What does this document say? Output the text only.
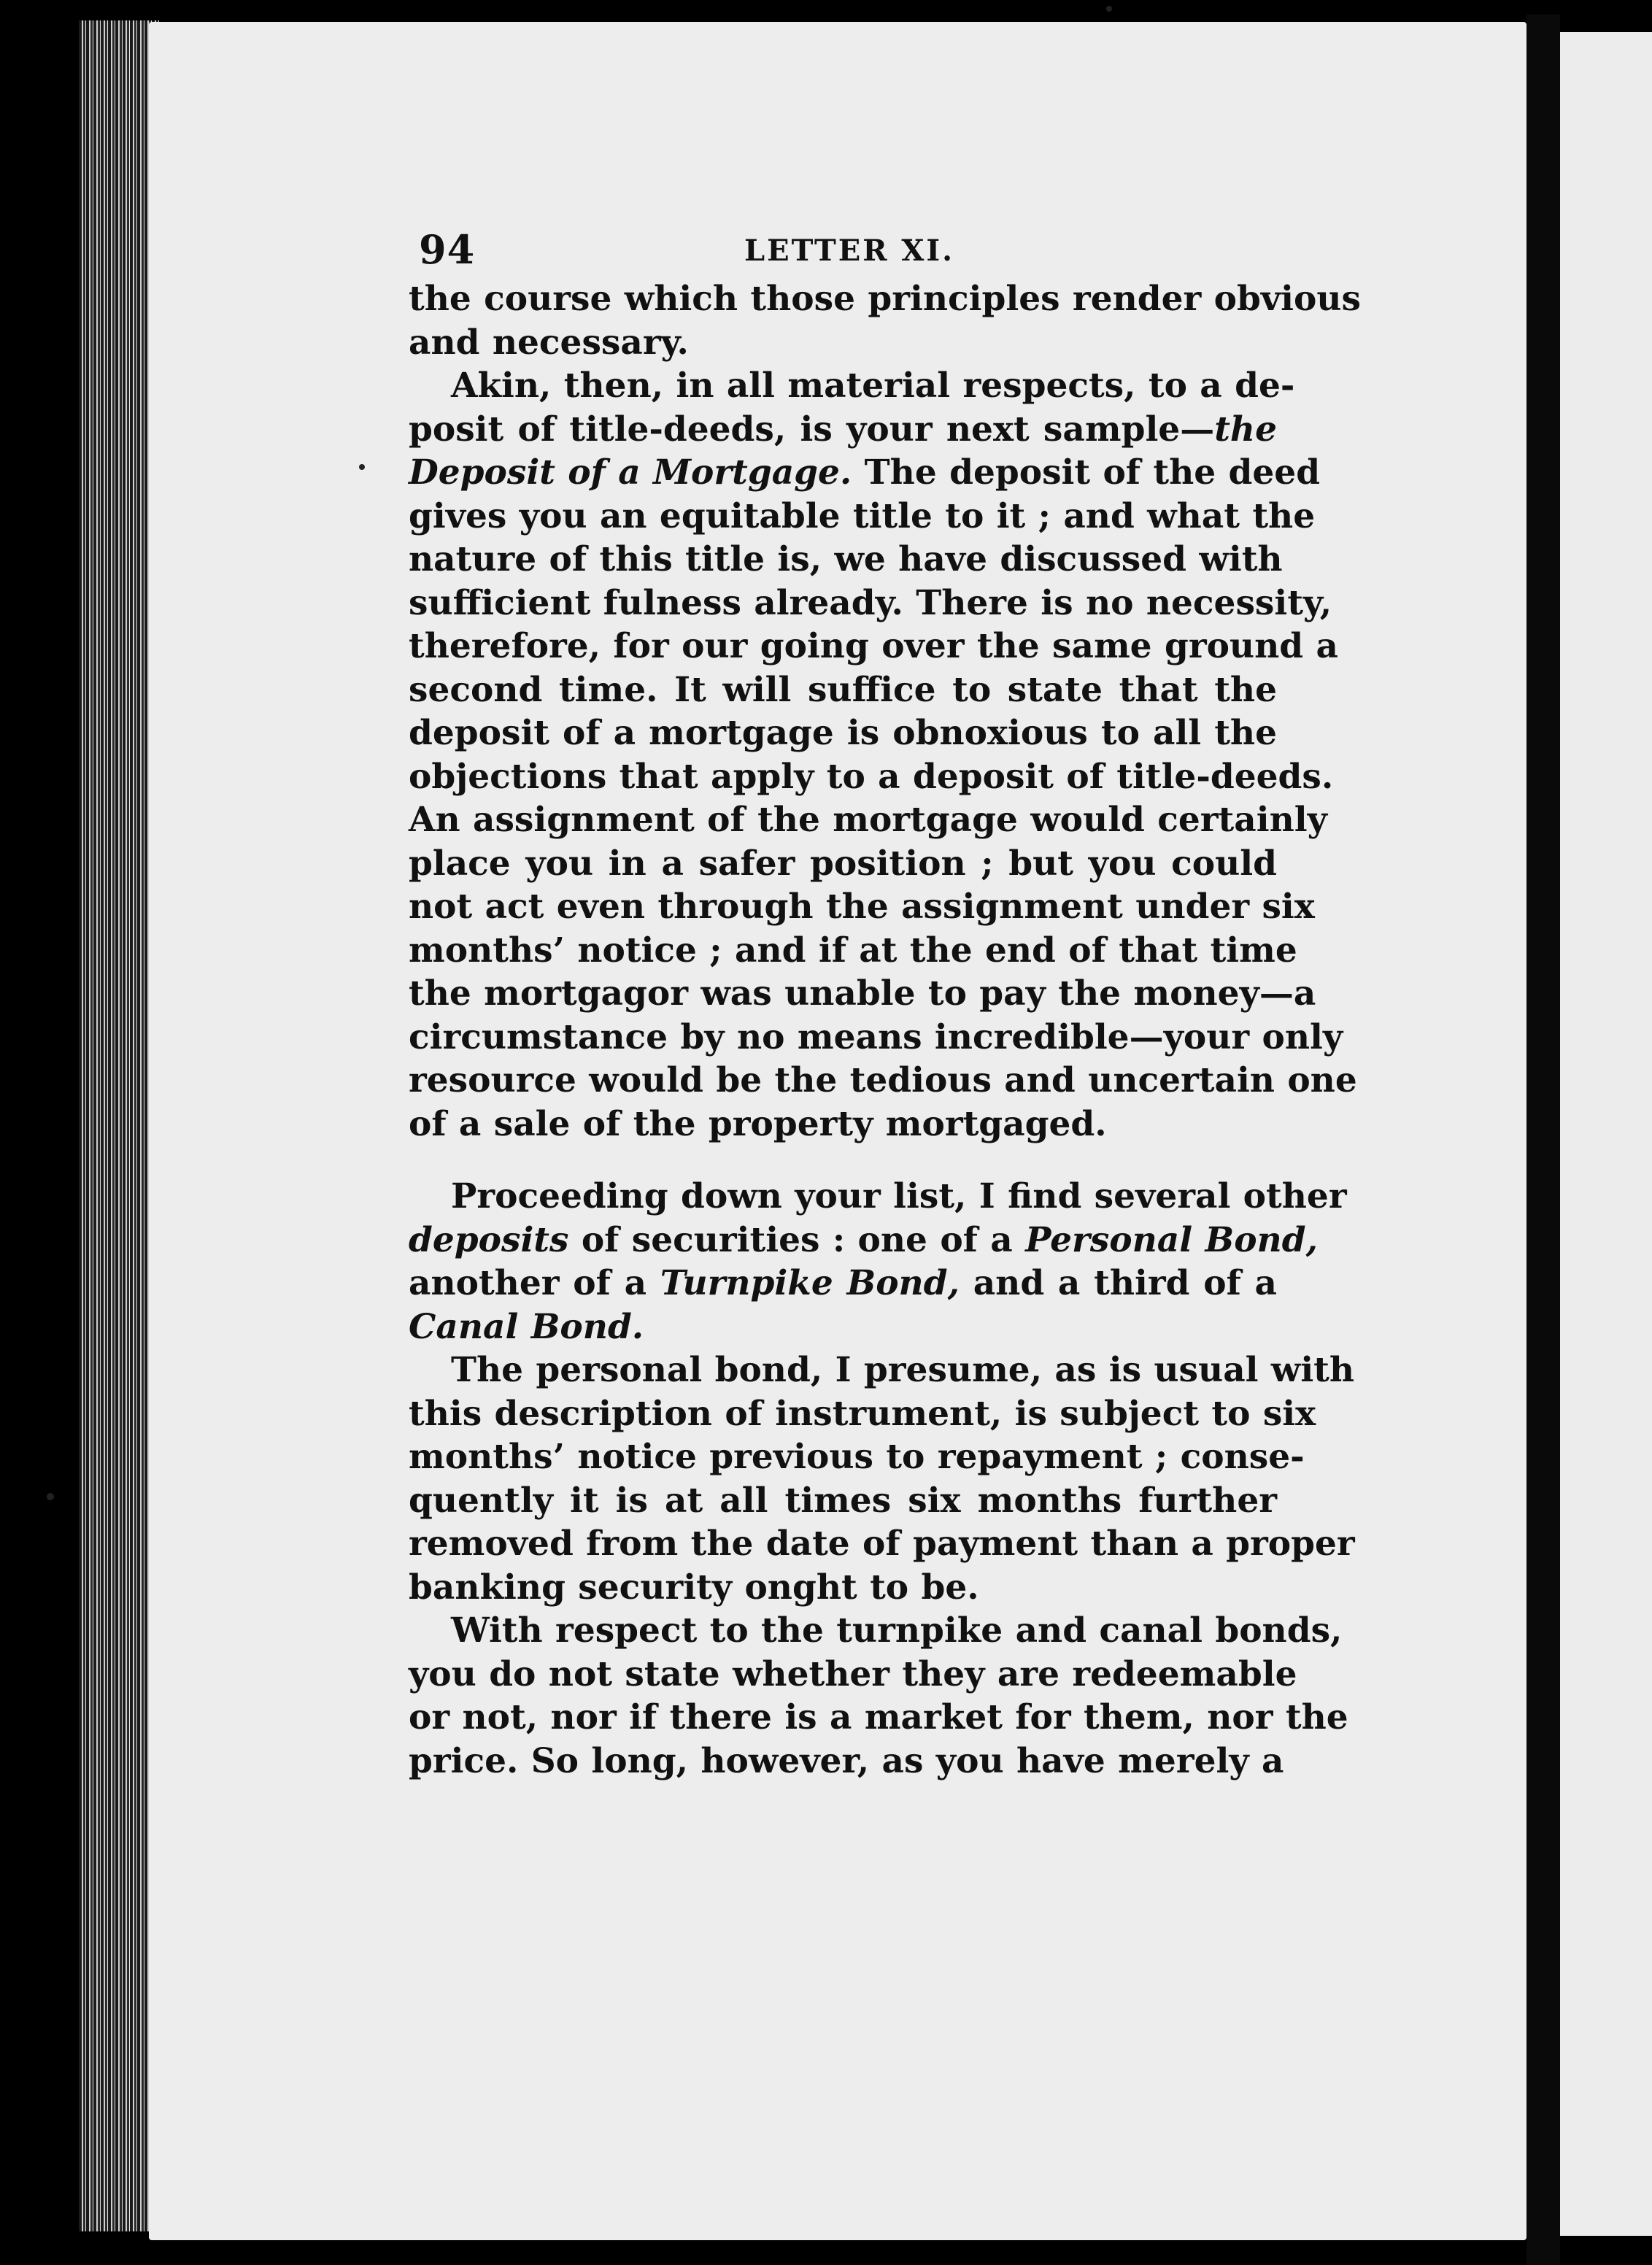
94	LETTER XI.

the course which those principles render obvious
and necessary.

Akin, then, in all material respects, to a de-
posit of title-deeds, is your next sample—the
Deposit of a Mortgage. The deposit of the deed
gives you an equitable title to it ; and what the
nature of this title is, we have discussed with
sufficient fulness already. There is no necessity,
therefore, for our going over the same ground a
second time. It will suffice to state that the
deposit of a mortgage is obnoxious to all the
objections that apply to a deposit of title-deeds.
An assignment of the mortgage would certainly
place you in a safer position ; but you could
not act even through the assignment under six
months’ notice ; and if at the end of that time
the mortgagor was unable to pay the money—a
circumstance by no means incredible—your only
resource would be the tedious and uncertain one
of a sale of the property mortgaged.

Proceeding down your list, I find several other
deposits of securities : one of a Personal Bond,
another of a Turnpike Bond, and a third of a
Canal Bond.

The personal bond, I presume, as is usual with
this description of instrument, is subject to six
months’ notice previous to repayment ; conse-
quently it is at all times six months further
removed from the date of payment than a proper
banking security onght to be.

With respect to the turnpike and canal bonds,
you do not state whether they are redeemable
or not, nor if there is a market for them, nor the
price. So long, however, as you have merely a
